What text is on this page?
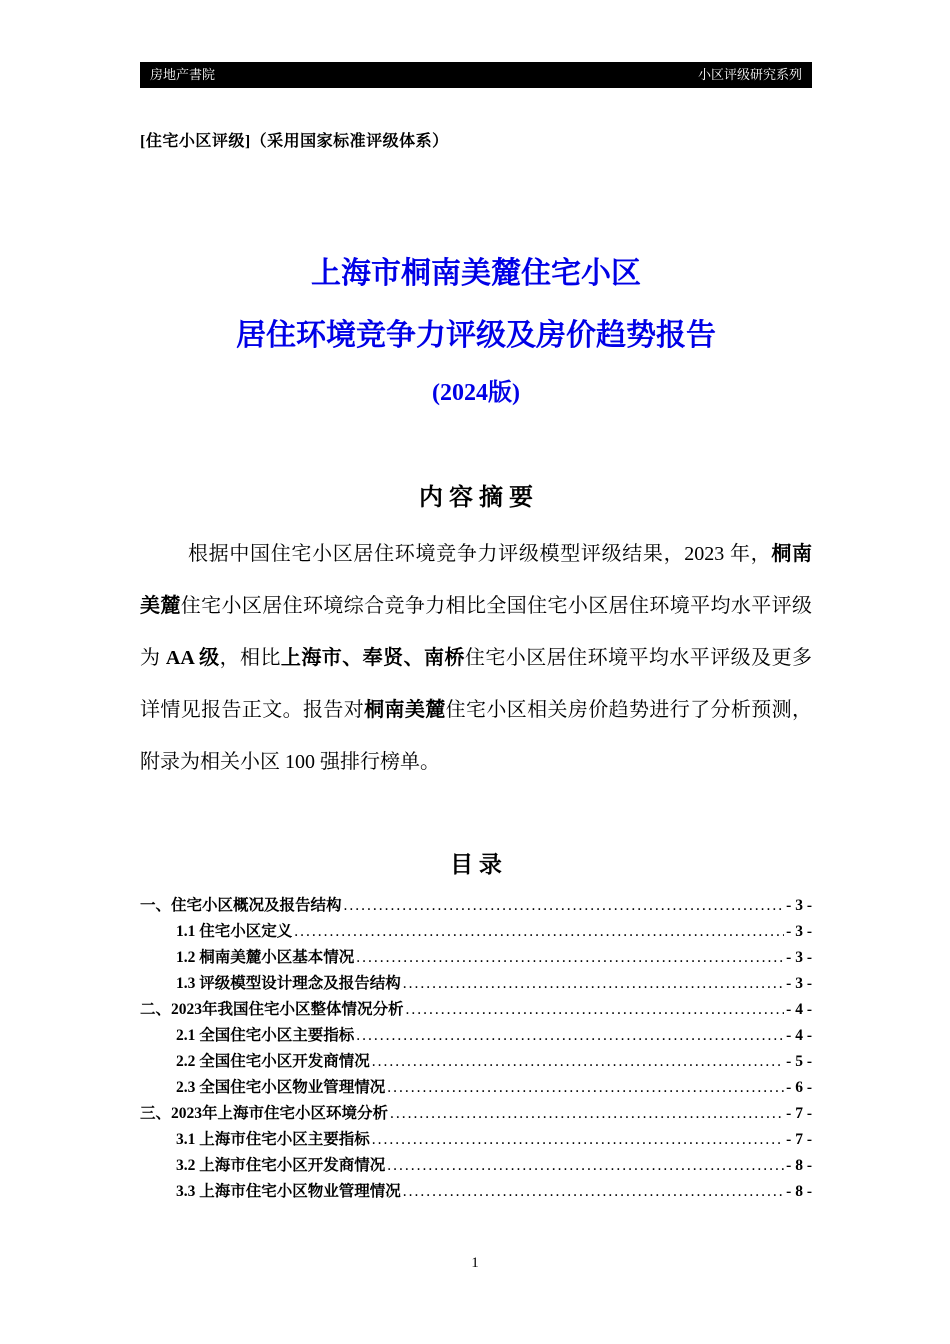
房地产書院	小区评级研究系列
[住宅小区评级]（采用国家标准评级体系）
上海市桐南美麓住宅小区
居住环境竞争力评级及房价趋势报告
(2024版)
内 容 摘 要

根据中国住宅小区居住环境竞争力评级模型评级结果，2023 年，桐南美麓住宅小区居住环境综合竞争力相比全国住宅小区居住环境平均水平评级为 AA 级，相比上海市、奉贤、南桥住宅小区居住环境平均水平评级及更多详情见报告正文。报告对桐南美麓住宅小区相关房价趋势进行了分析预测，附录为相关小区 100 强排行榜单。

目 录
一、住宅小区概况及报告结构 .....	- 3 -
1.1 住宅小区定义 .....	- 3 -
1.2 桐南美麓小区基本情况 .....	- 3 -
1.3 评级模型设计理念及报告结构 .....	- 3 -
二、2023年我国住宅小区整体情况分析 .....	- 4 -
2.1 全国住宅小区主要指标 .....	- 4 -
2.2 全国住宅小区开发商情况 .....	- 5 -
2.3 全国住宅小区物业管理情况 .....	- 6 -
三、2023年上海市住宅小区环境分析 .....	- 7 -
3.1 上海市住宅小区主要指标 .....	- 7 -
3.2 上海市住宅小区开发商情况 .....	- 8 -
3.3 上海市住宅小区物业管理情况 .....	- 8 -
1
